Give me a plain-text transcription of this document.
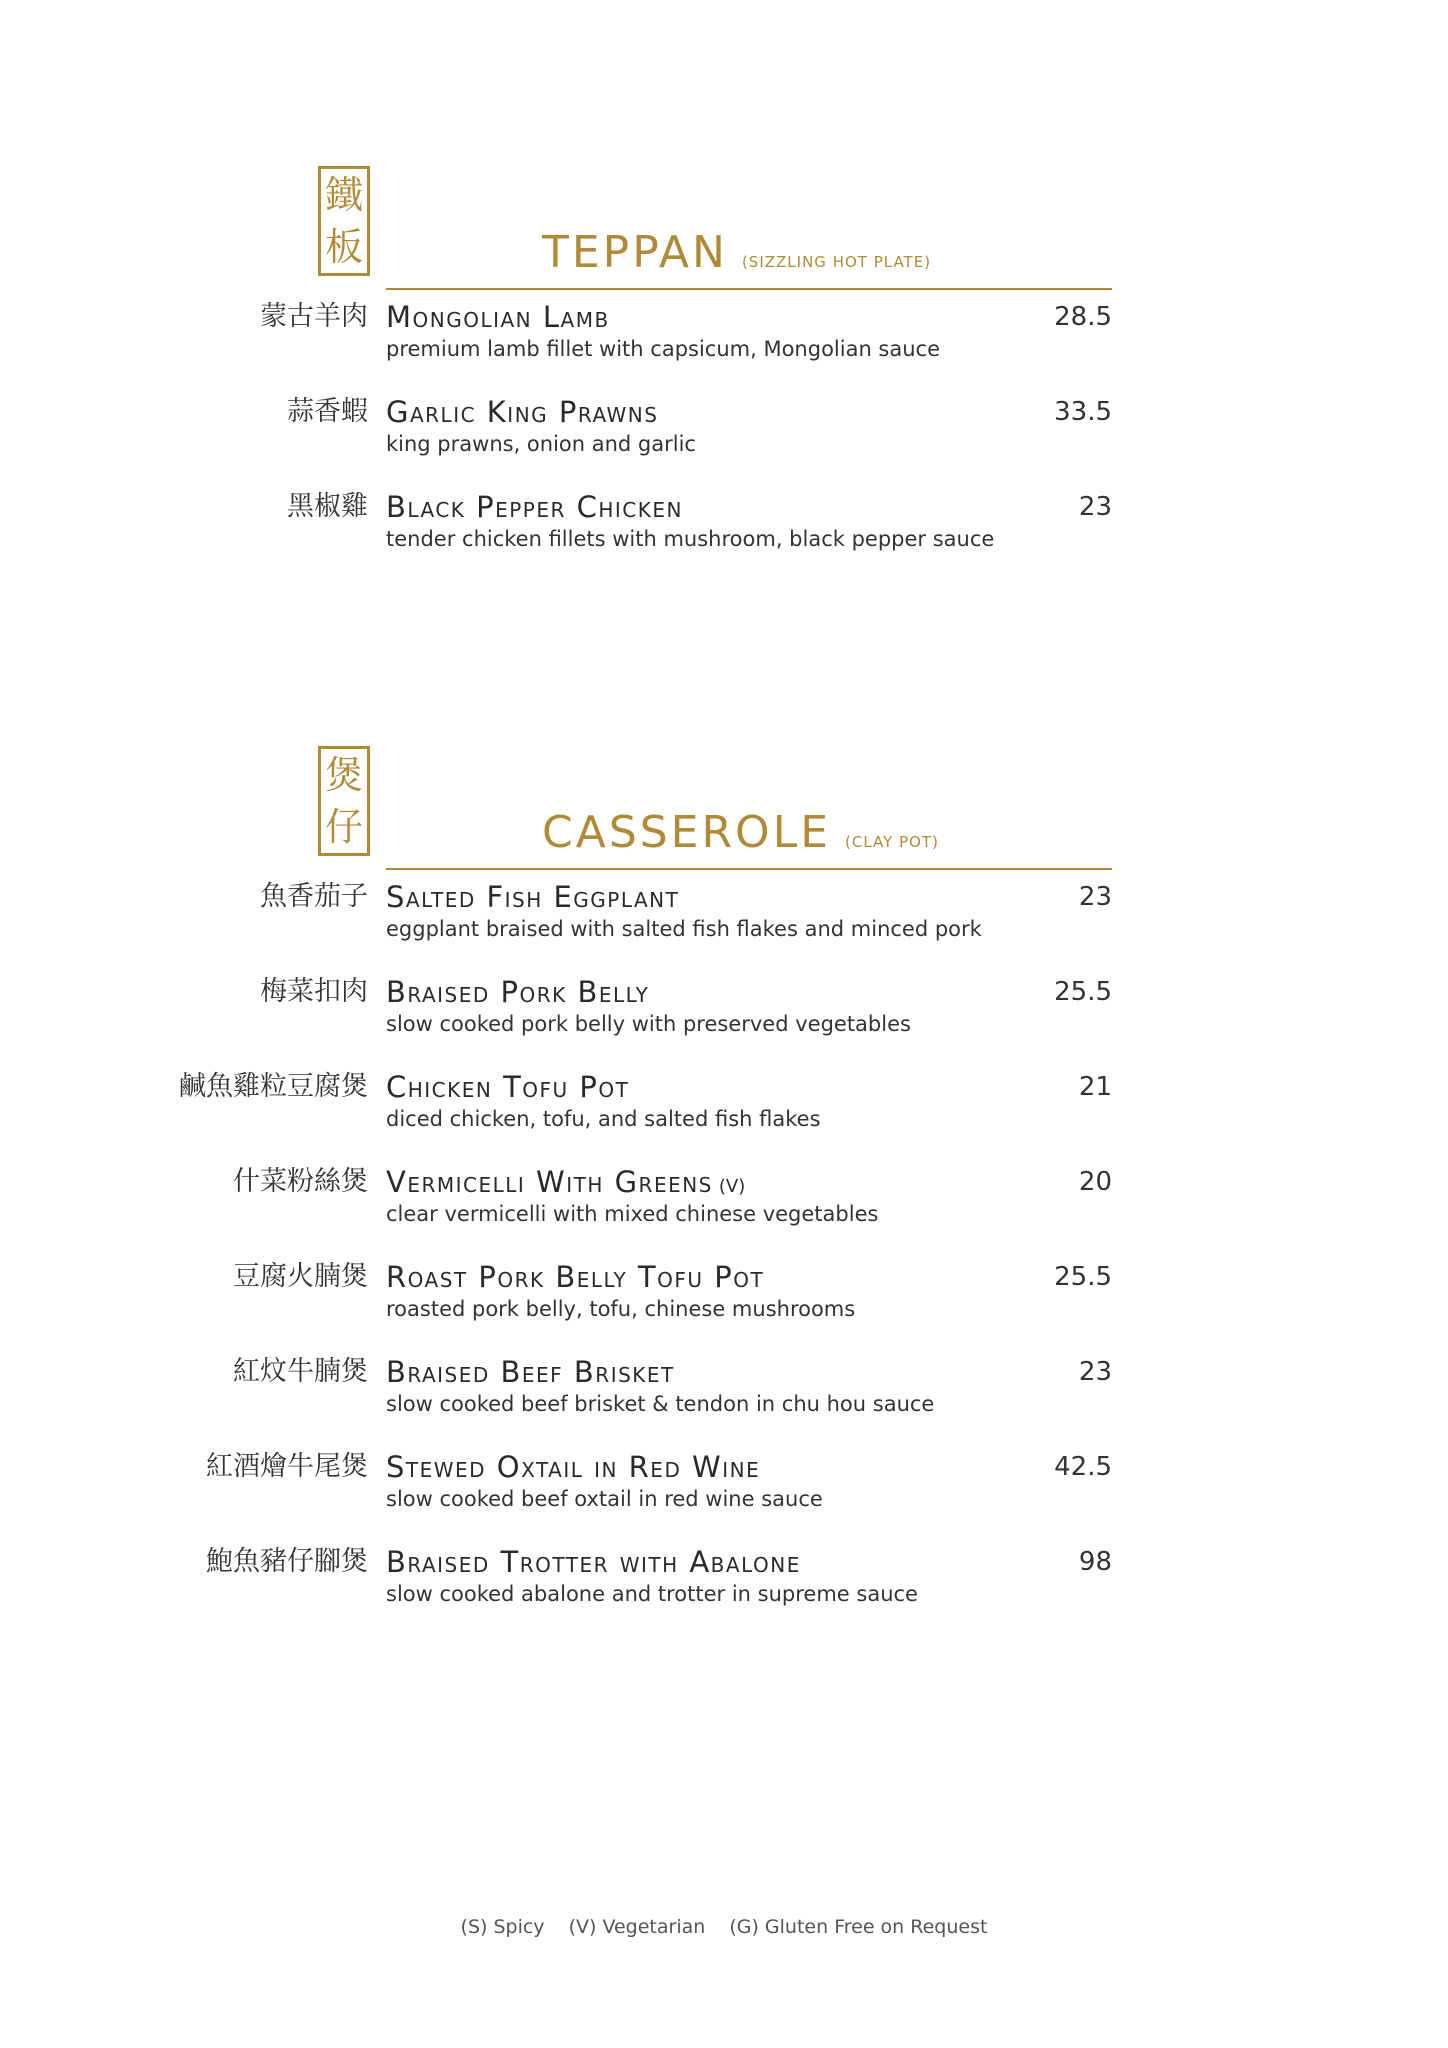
鐵
板	TEPPAN (SIZZLING HOT PLATE)
蒙古羊肉 Mongolian Lamb
premium lamb fillet with capsicum, Mongolian sauce
28.5
蒜香蝦 Garlic King Prawns
king prawns, onion and garlic
33.5
黑椒雞 Black Pepper Chicken
tender chicken fillets with mushroom, black pepper sauce
23
煲
仔	CASSEROLE (CLAY POT)
魚香茄子 Salted Fish Eggplant
eggplant braised with salted fish flakes and minced pork
23
梅菜扣肉 Braised Pork Belly
slow cooked pork belly with preserved vegetables
25.5
鹹魚雞粒豆腐煲 Chicken Tofu Pot
diced chicken, tofu, and salted fish flakes
21
什菜粉絲煲 Vermicelli With Greens (V)
clear vermicelli with mixed chinese vegetables
20
豆腐火腩煲 Roast Pork Belly Tofu Pot
roasted pork belly, tofu, chinese mushrooms
25.5
紅炆牛腩煲 Braised Beef Brisket
slow cooked beef brisket & tendon in chu hou sauce
23
紅酒燴牛尾煲 Stewed Oxtail in Red Wine
slow cooked beef oxtail in red wine sauce
42.5
鮑魚豬仔腳煲 Braised Trotter with Abalone
slow cooked abalone and trotter in supreme sauce
98
(S) Spicy (V) Vegetarian (G) Gluten Free on Request
